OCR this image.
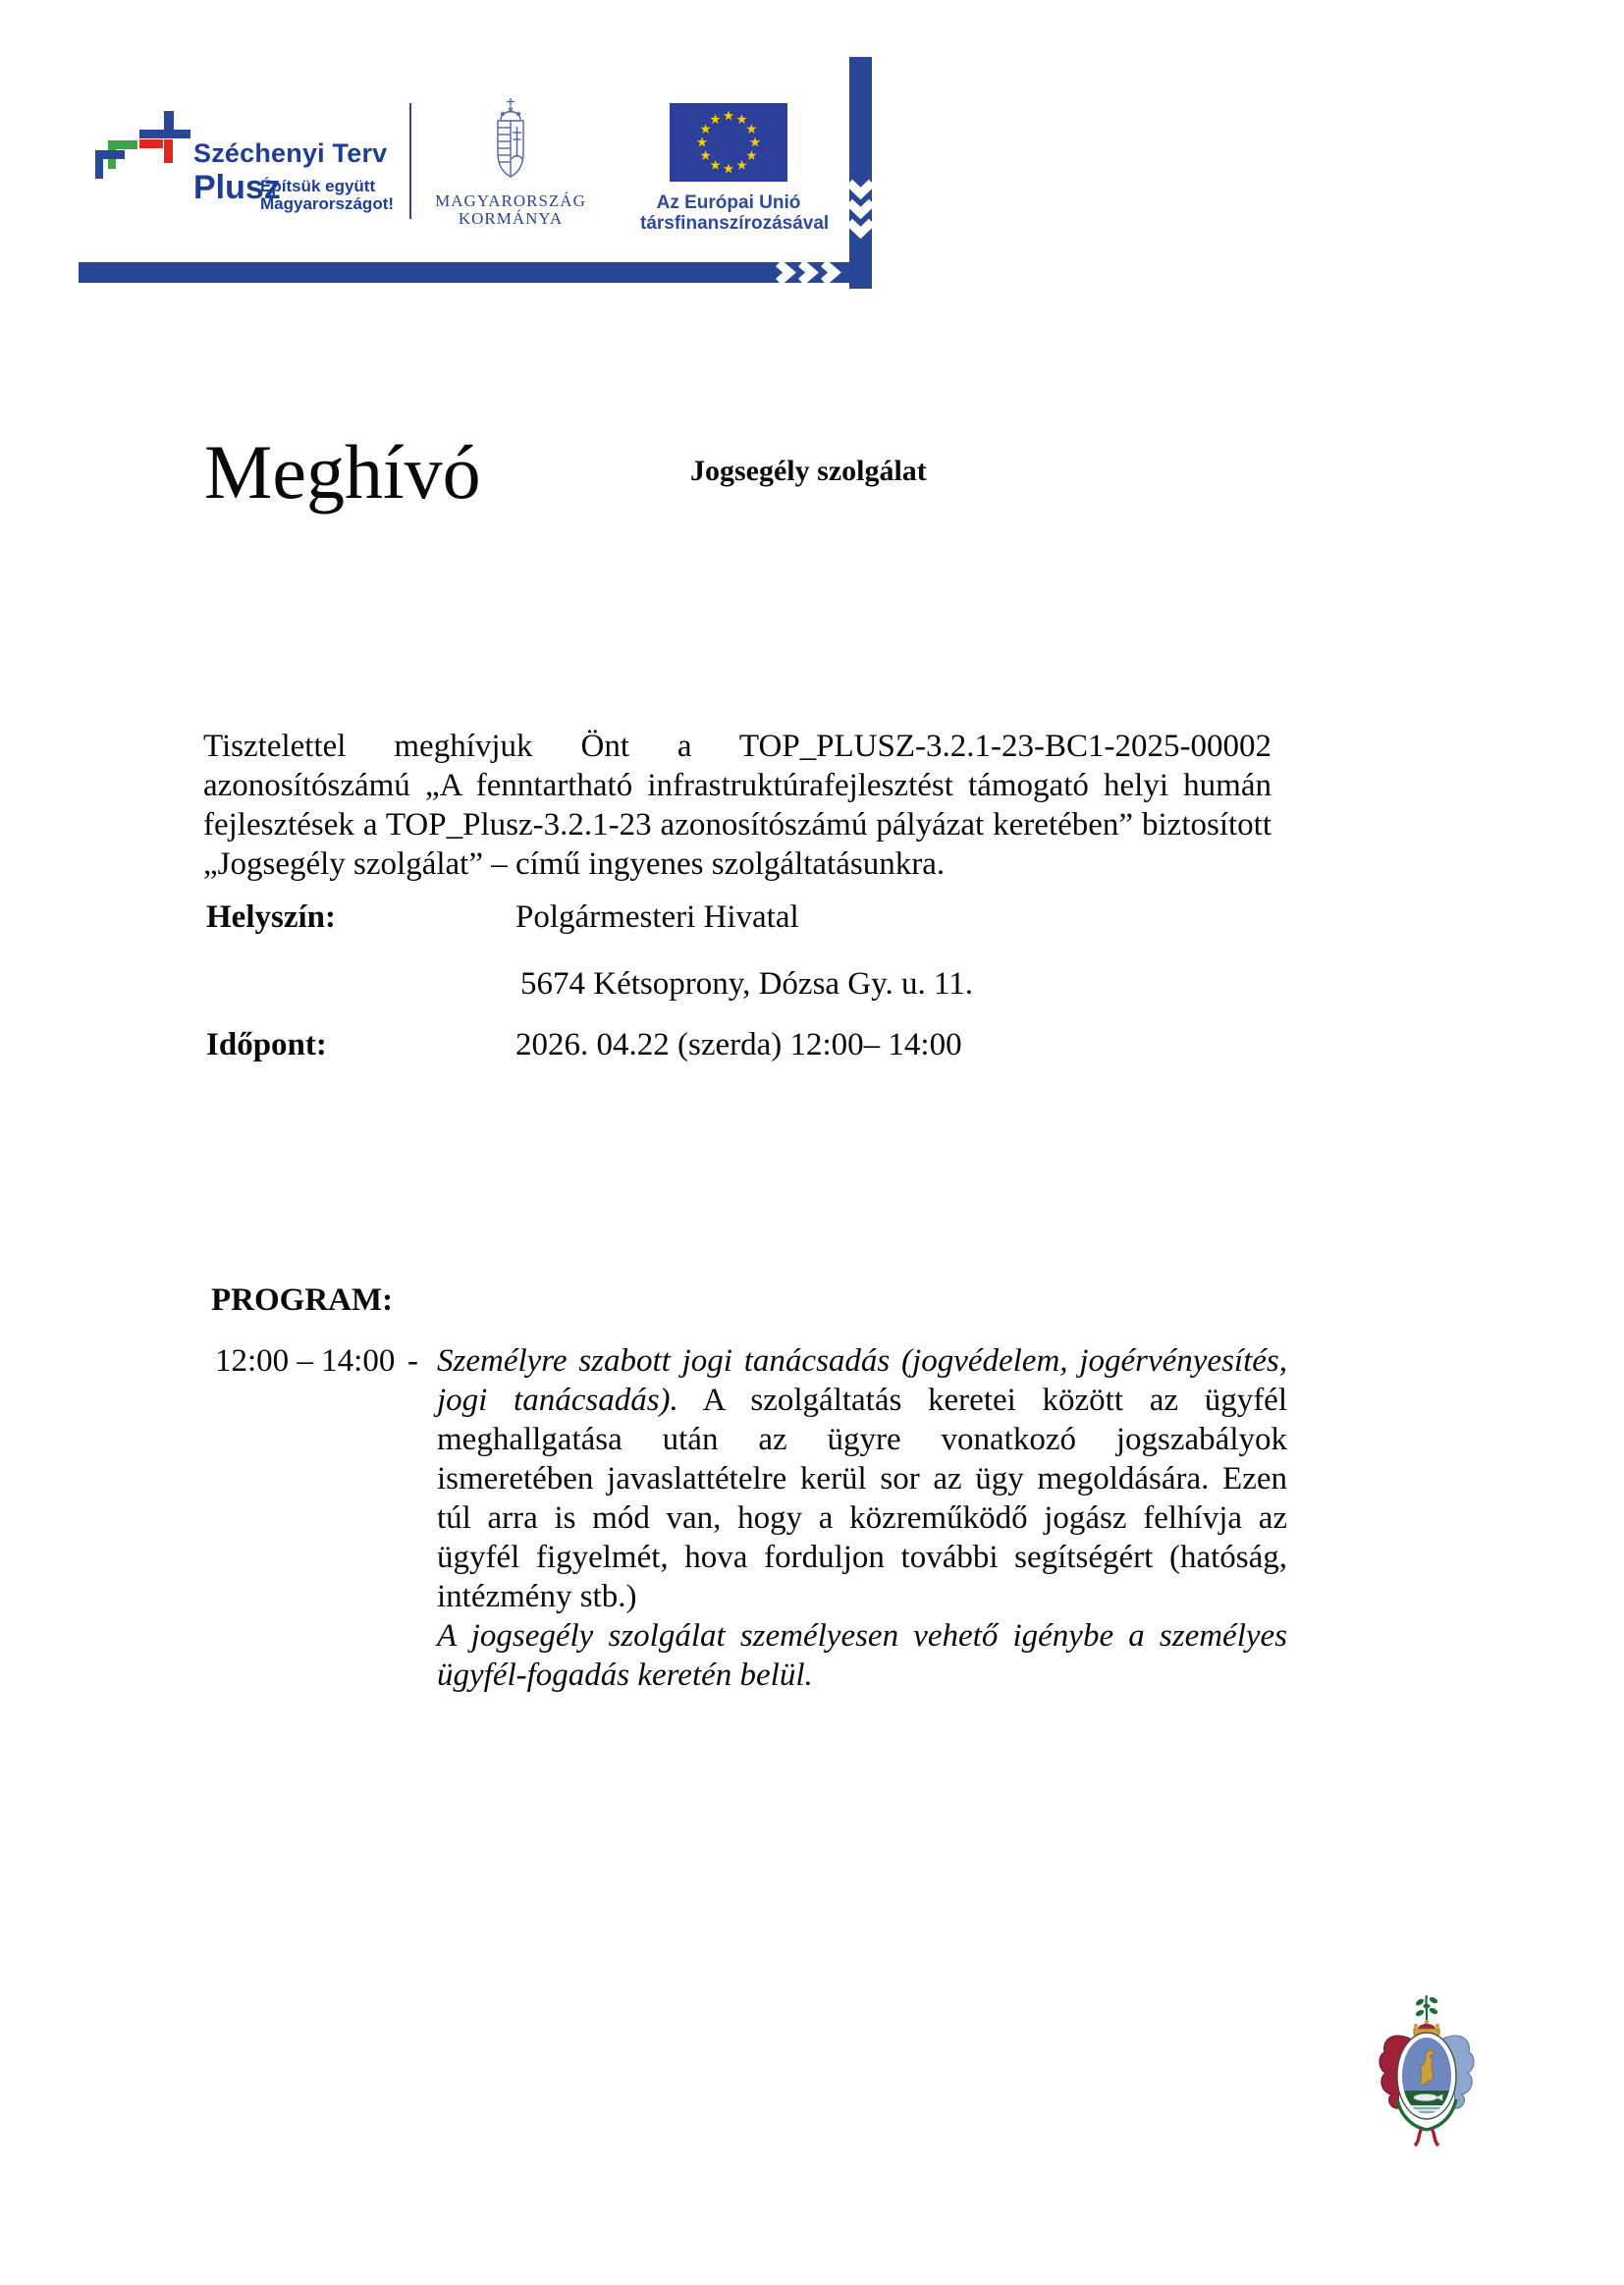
Széchenyi Terv
Plusz
Építsük együtt
Magyarországot!	MAGYARORSZÁG
KORMÁNYA
Az Európai Unió
társfinanszírozásával
Meghívó	Jogsegély szolgálat
Tisztelettel meghívjuk Önt a TOP_PLUSZ-3.2.1-23-BC1-2025-00002 azonosítószámú „A fenntartható infrastruktúrafejlesztést támogató helyi humán fejlesztések a TOP_Plusz-3.2.1-23 azonosítószámú pályázat keretében” biztosított „Jogsegély szolgálat” – című ingyenes szolgáltatásunkra.
Helyszín:	Polgármesteri Hivatal
5674 Kétsoprony, Dózsa Gy. u. 11.
Időpont:	2026. 04.22 (szerda) 12:00– 14:00
PROGRAM:
12:00 – 14:00 - Személyre szabott jogi tanácsadás (jogvédelem, jogérvényesítés, jogi tanácsadás). A szolgáltatás keretei között az ügyfél meghallgatása után az ügyre vonatkozó jogszabályok ismeretében javaslattételre kerül sor az ügy megoldására. Ezen túl arra is mód van, hogy a közreműködő jogász felhívja az ügyfél figyelmét, hova forduljon további segítségért (hatóság, intézmény stb.)

A jogsegély szolgálat személyesen vehető igénybe a személyes ügyfél-fogadás keretén belül.
